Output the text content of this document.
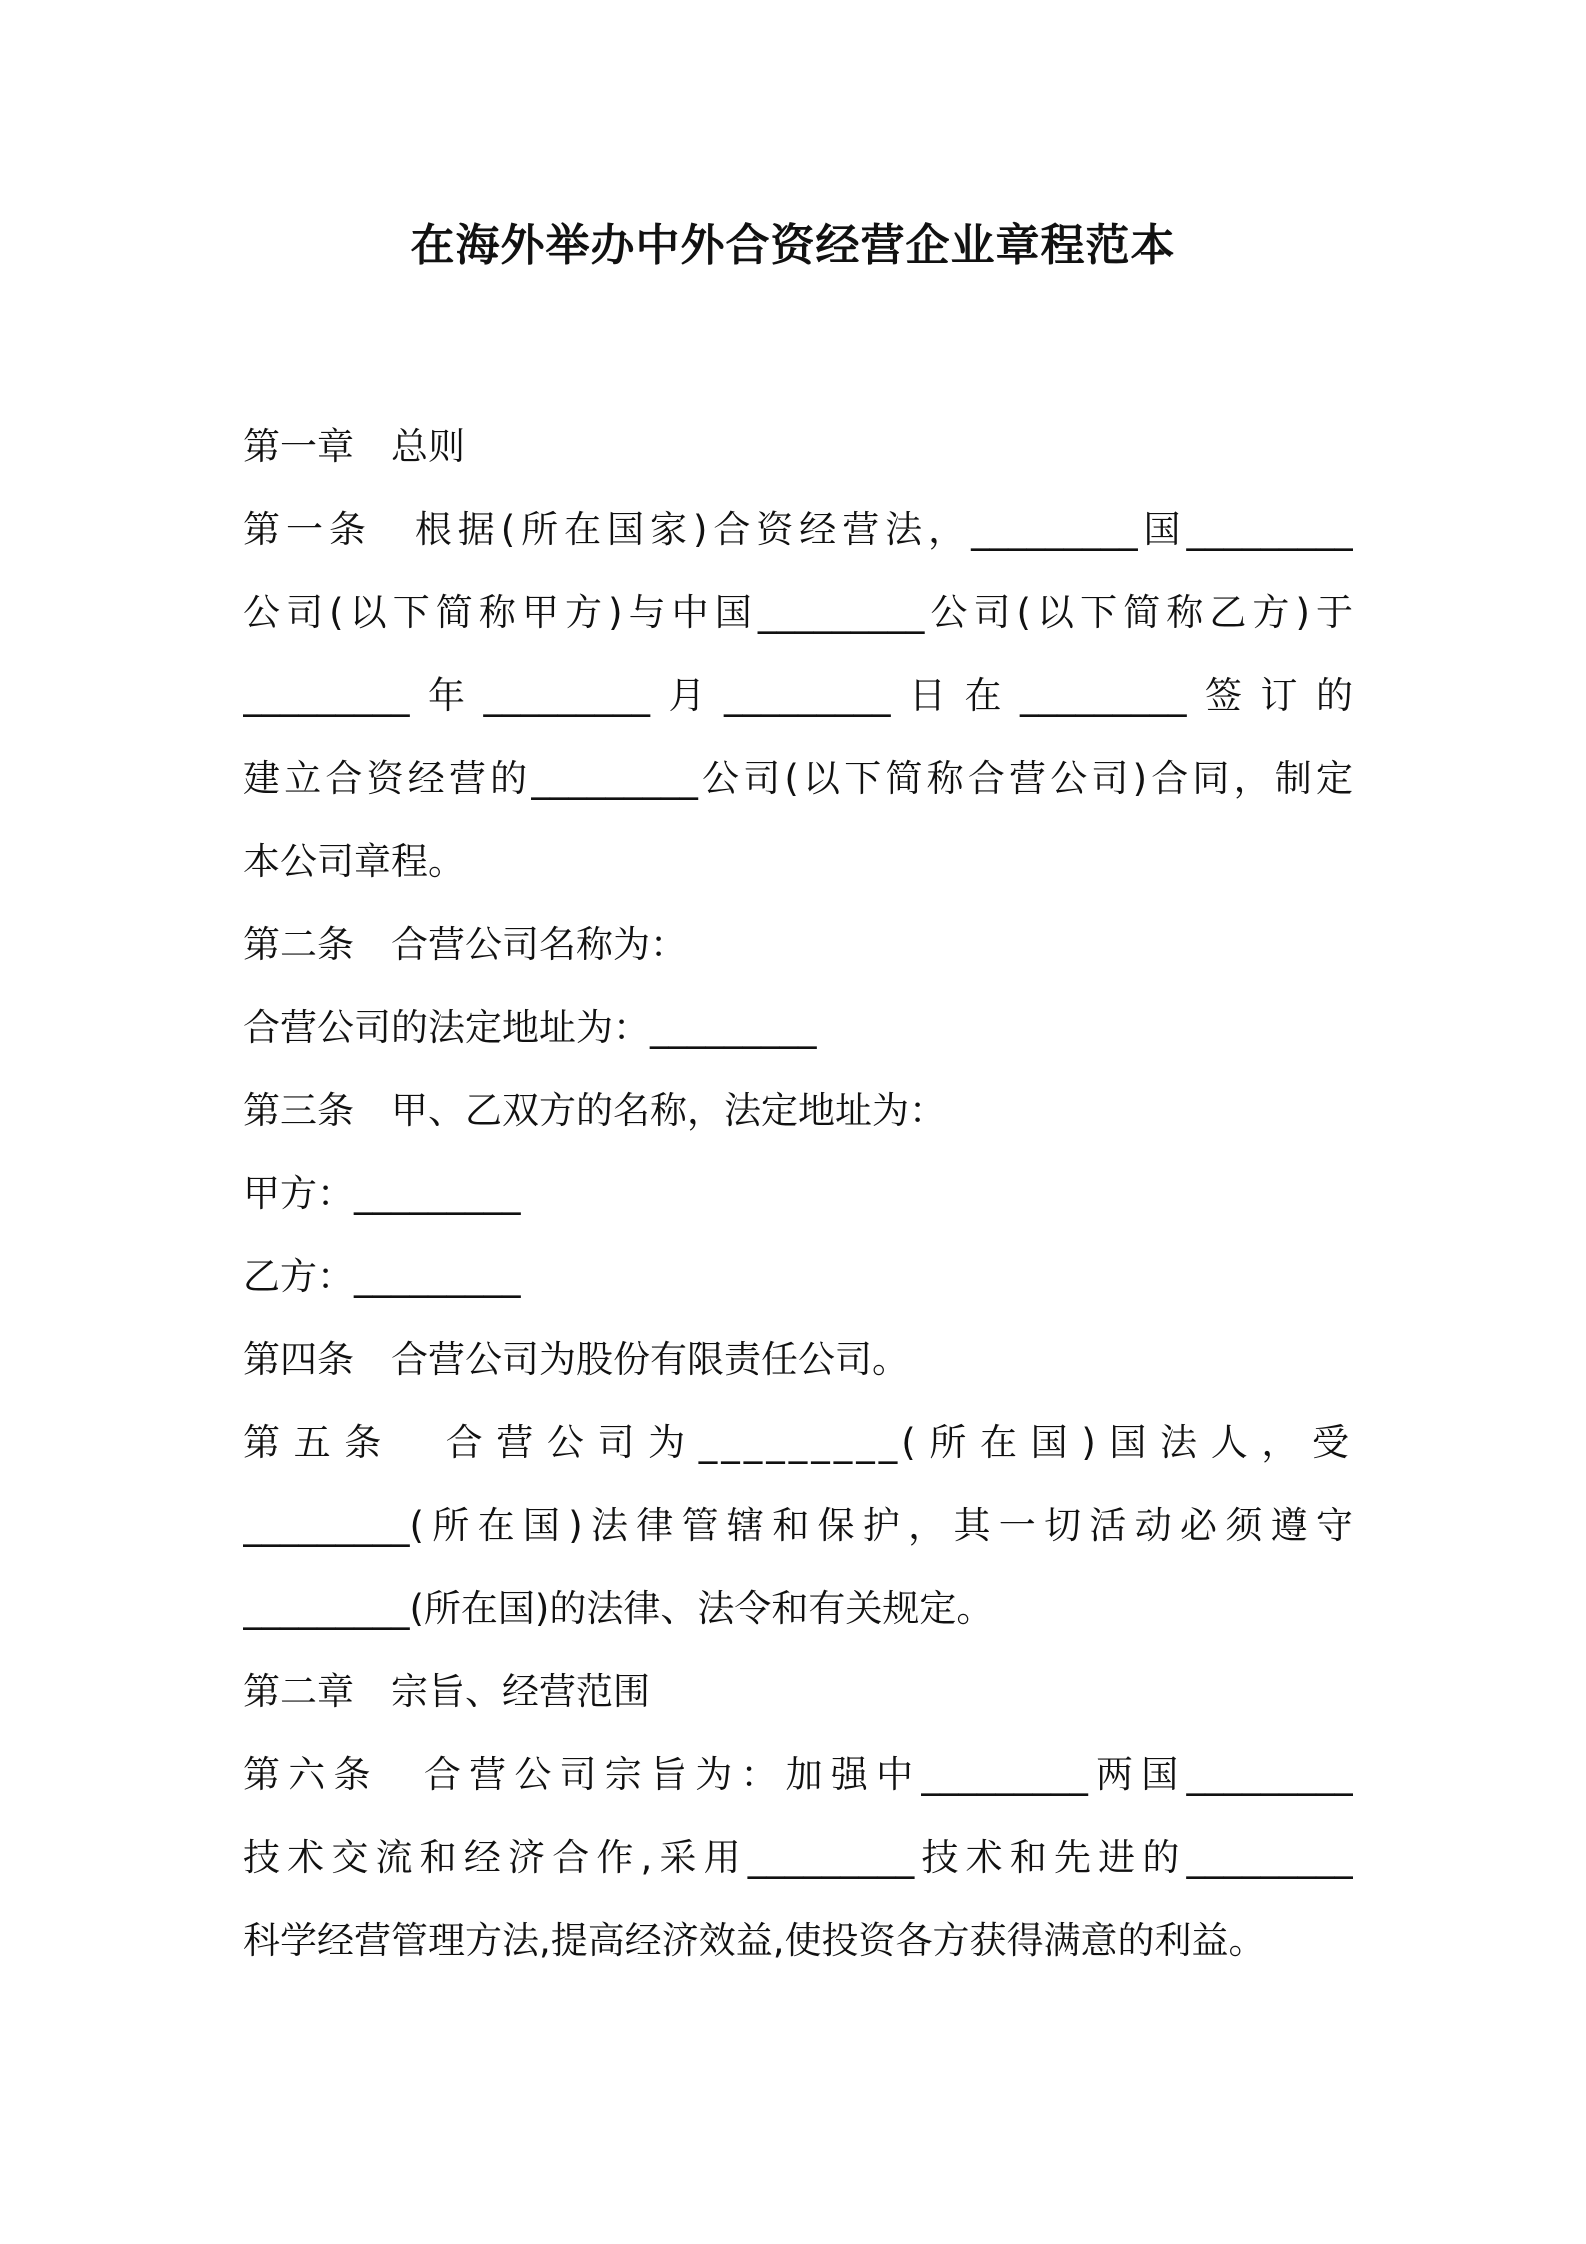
在海外举办中外合资经营企业章程范本
第一章　总则
第一条　根据(所在国家)合资经营法，_________国_________
公司(以下简称甲方)与中国_________公司(以下简称乙方)于
_________年_________月_________日在_________签订的
建立合资经营的_________公司(以下简称合营公司)合同，制定
本公司章程。
第二条　合营公司名称为：
合营公司的法定地址为：_________
第三条　甲、乙双方的名称，法定地址为：
甲方：_________
乙方：_________
第四条　合营公司为股份有限责任公司。
第五条　合营公司为_________(所在国)国法人，受
_________(所在国)法律管辖和保护，其一切活动必须遵守
_________(所在国)的法律、法令和有关规定。
第二章　宗旨、经营范围
第六条　合营公司宗旨为：加强中_________两国_________
技术交流和经济合作,采用_________技术和先进的_________
科学经营管理方法,提高经济效益,使投资各方获得满意的利益。
